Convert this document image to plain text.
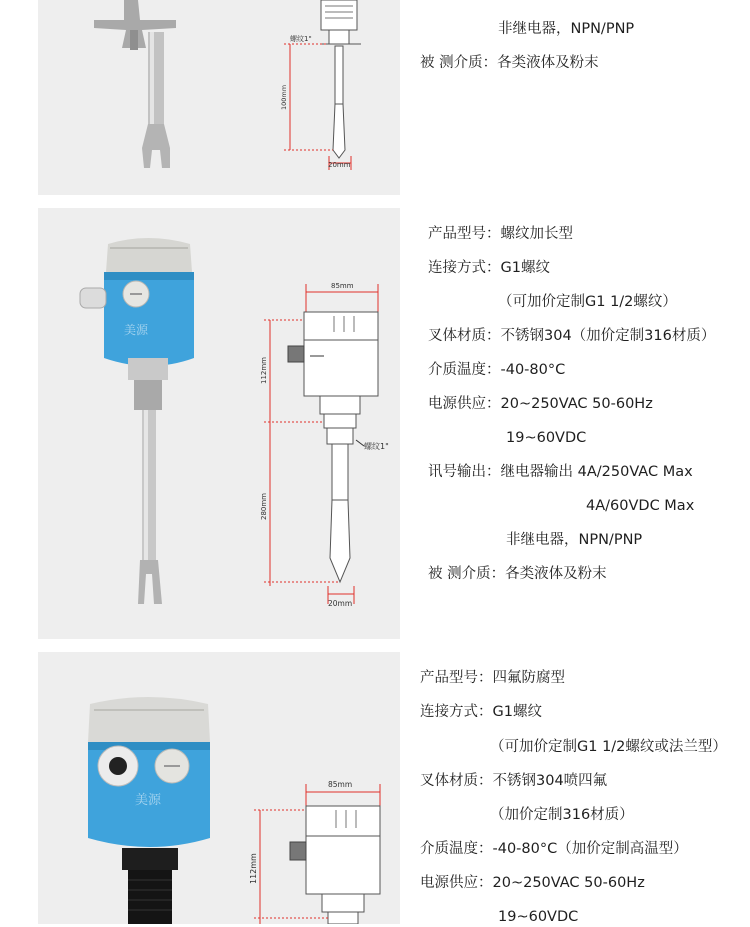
螺纹1"
100mm
20mm
非继电器，NPN/PNP
被 测介质：各类液体及粉末
美源
85mm
112mm
280mm
螺纹1"
20mm
产品型号：螺纹加长型
连接方式：G1螺纹
（可加价定制G1 1/2螺纹）
叉体材质：不锈钢304（加价定制316材质）
介质温度：-40-80°C
电源供应：20~250VAC 50-60Hz
19~60VDC
讯号输出：继电器输出 4A/250VAC Max
4A/60VDC Max
非继电器，NPN/PNP
被 测介质：各类液体及粉末
美源
85mm
112mm
产品型号：四氟防腐型
连接方式：G1螺纹
（可加价定制G1 1/2螺纹或法兰型）
叉体材质：不锈钢304喷四氟
（加价定制316材质）
介质温度：-40-80°C（加价定制高温型）
电源供应：20~250VAC 50-60Hz
19~60VDC
